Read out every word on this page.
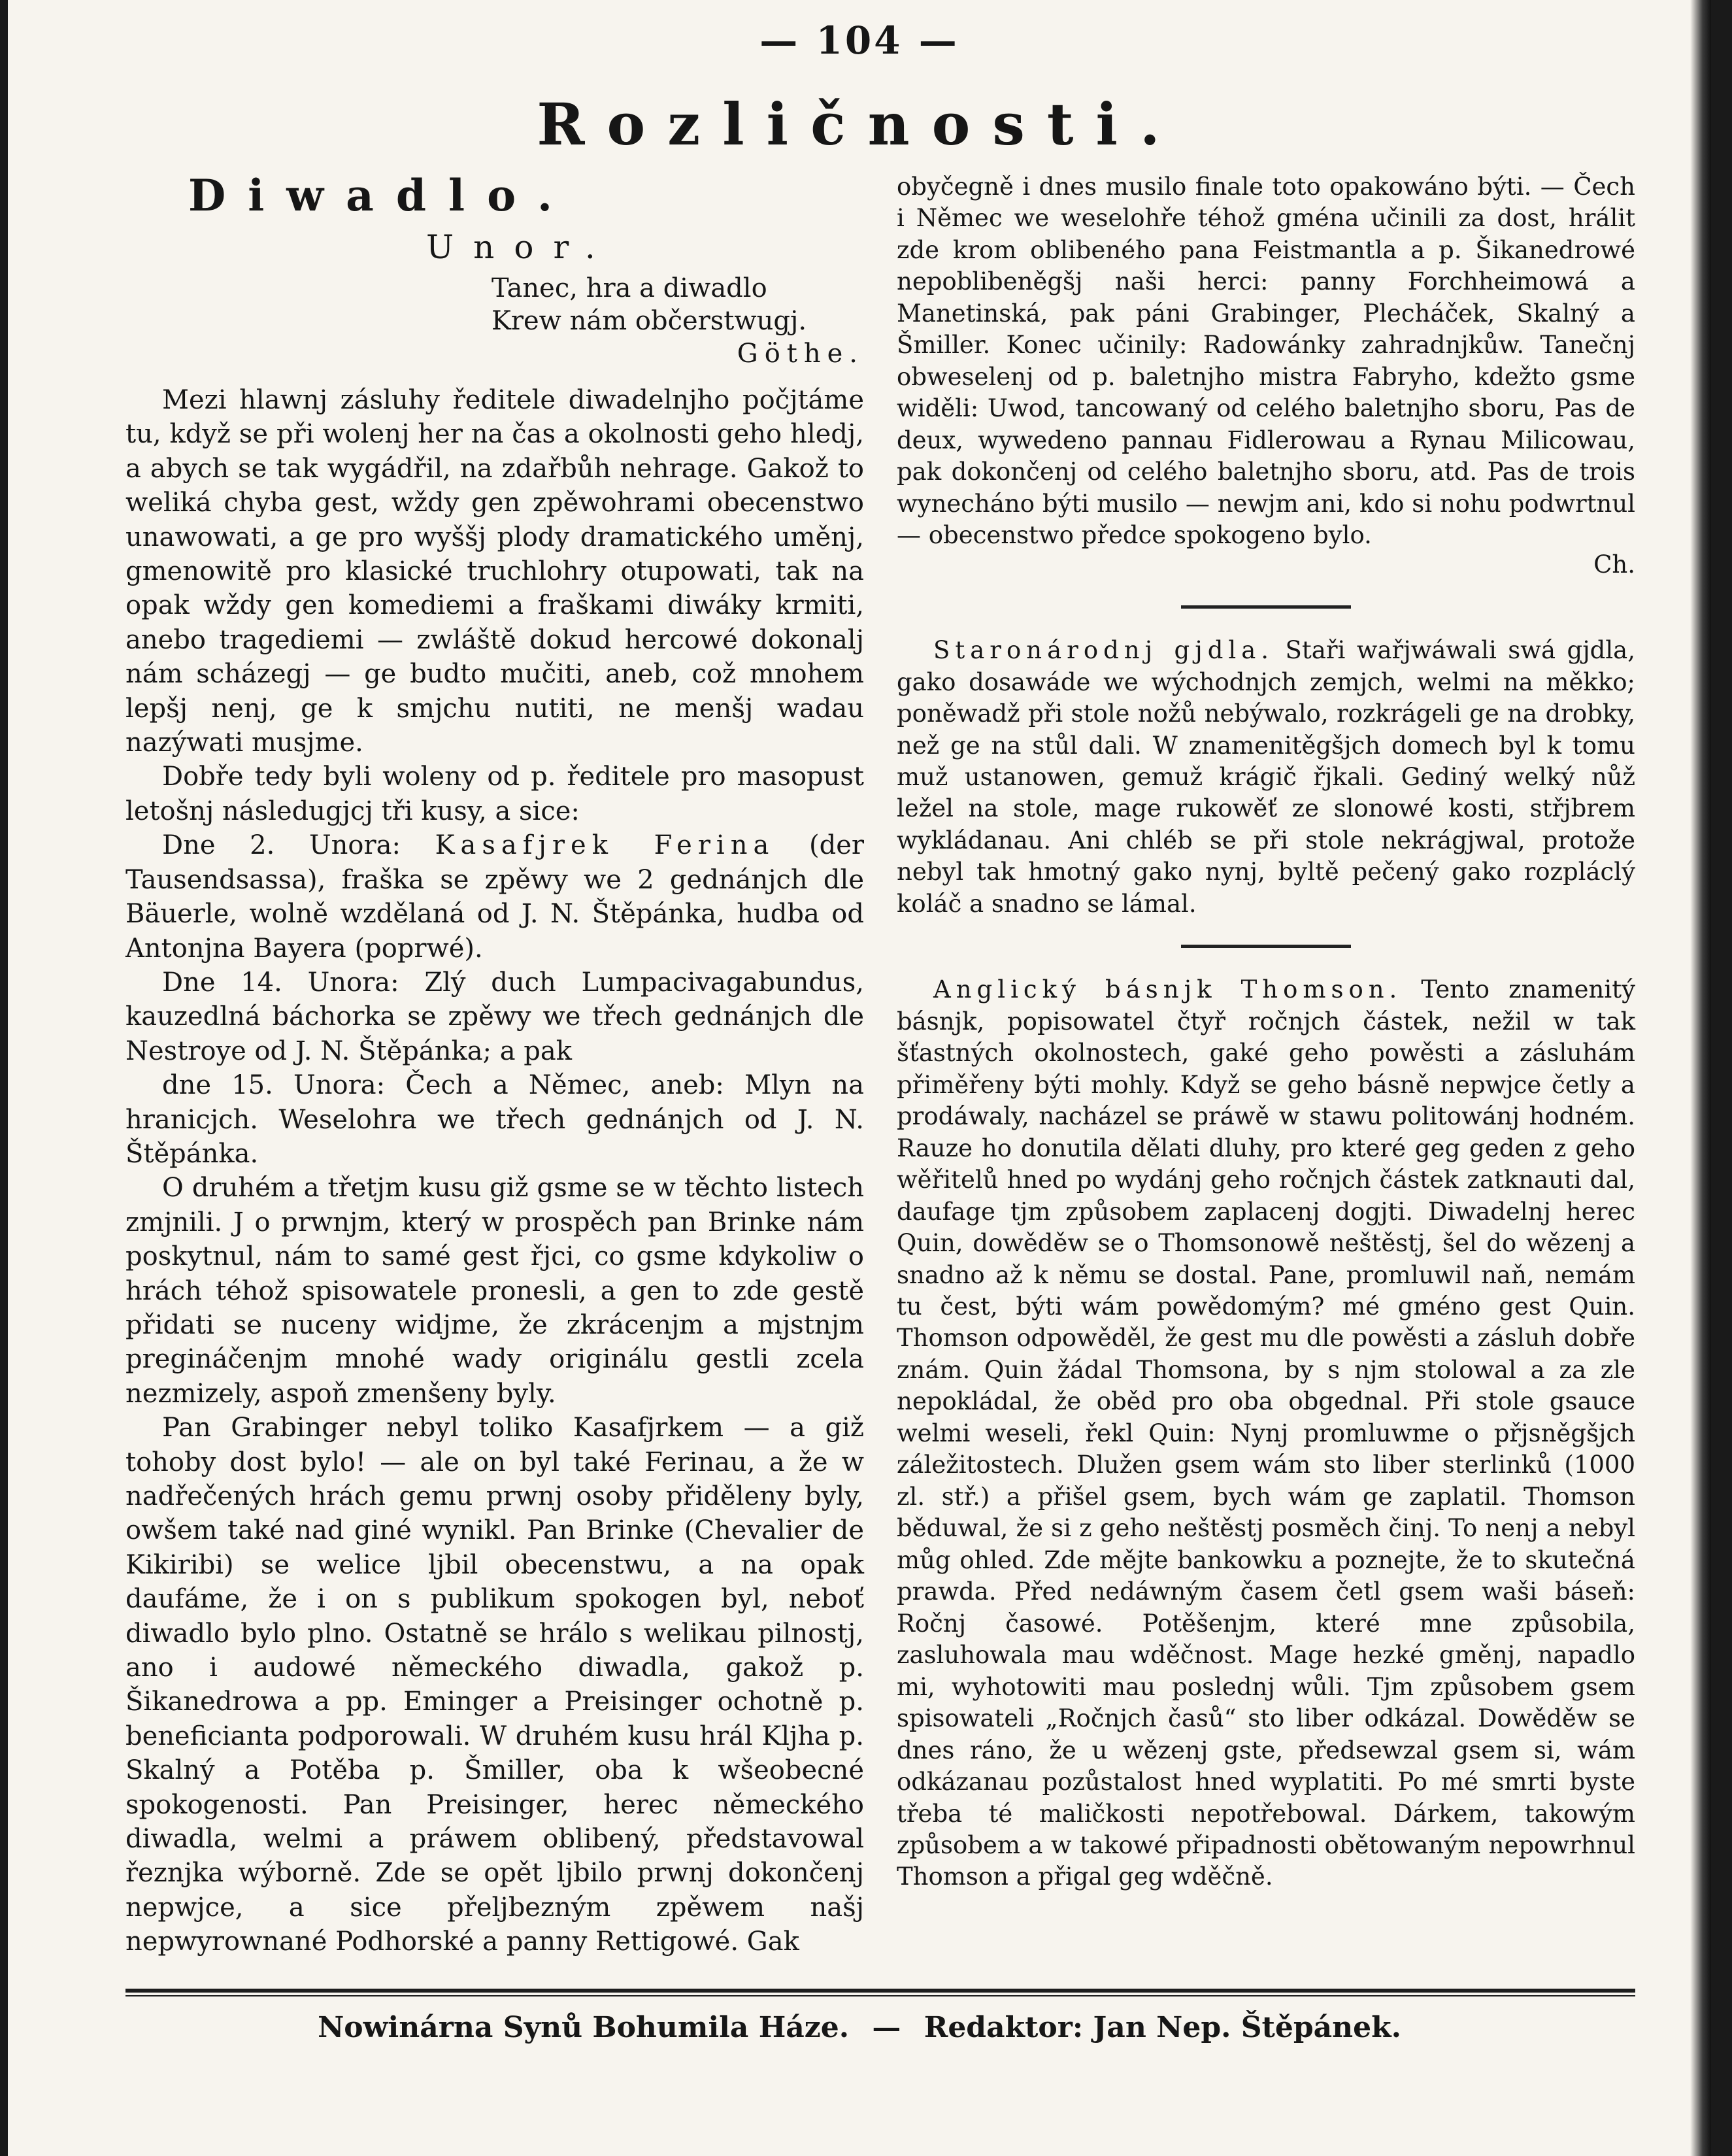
— 104 —
Rozličnosti.

Diwadlo.

Unor.

Tanec, hra a diwadlo

Krew nám občerstwugj.

Göthe.

Mezi hlawnj zásluhy ředitele diwadelnjho počjtáme tu, když se při wolenj her na čas a okolnosti geho hledj, a abych se tak wygádřil, na zdařbůh nehrage. Gakož to weliká chyba gest, wždy gen zpěwohrami obecenstwo unawowati, a ge pro wyššj plody dramatického uměnj, gmenowitě pro klasické truchlohry otupowati, tak na opak wždy gen komediemi a fraškami diwáky krmiti, anebo tragediemi — zwláště dokud hercowé dokonalj nám scházegj — ge budto mučiti, aneb, což mnohem lepšj nenj, ge k smjchu nutiti, ne menšj wadau nazýwati musjme.

Dobře tedy byli woleny od p. ředitele pro masopust letošnj následugjcj tři kusy, a sice:

Dne 2. Unora: Kasafjrek Ferina (der Tausendsassa), fraška se zpěwy we 2 gednánjch dle Bäuerle, wolně wzdělaná od J. N. Štěpánka, hudba od Antonjna Bayera (poprwé).

Dne 14. Unora: Zlý duch Lumpacivagabundus, kauzedlná báchorka se zpěwy we třech gednánjch dle Nestroye od J. N. Štěpánka; a pak

dne 15. Unora: Čech a Němec, aneb: Mlyn na hranicjch. Weselohra we třech gednánjch od J. N. Štěpánka.

O druhém a třetjm kusu giž gsme se w těchto listech zmjnili. J o prwnjm, který w prospěch pan Brinke nám poskytnul, nám to samé gest řjci, co gsme kdykoliw o hrách téhož spisowatele pronesli, a gen to zde gestě přidati se nuceny widjme, že zkrácenjm a mjstnjm pregináčenjm mnohé wady originálu gestli zcela nezmizely, aspoň zmenšeny byly.

Pan Grabinger nebyl toliko Kasafjrkem — a giž tohoby dost bylo! — ale on byl také Ferinau, a že w nadřečených hrách gemu prwnj osoby přiděleny byly, owšem také nad giné wynikl. Pan Brinke (Chevalier de Kikiribi) se welice ljbil obecenstwu, a na opak daufáme, že i on s publikum spokogen byl, neboť diwadlo bylo plno. Ostatně se hrálo s welikau pilnostj, ano i audowé německého diwadla, gakož p. Šikanedrowa a pp. Eminger a Preisinger ochotně p. beneficianta podporowali. W druhém kusu hrál Kljha p. Skalný a Potěba p. Šmiller, oba k wšeobecné spokogenosti. Pan Preisinger, herec německého diwadla, welmi a práwem oblibený, představowal řeznjka wýborně. Zde se opět ljbilo prwnj dokončenj nepwjce, a sice přeljbezným zpěwem našj nepwyrownané Podhorské a panny Rettigowé. Gak

obyčegně i dnes musilo finale toto opakowáno býti. — Čech i Němec we weselohře téhož gména učinili za dost, hrálit zde krom oblibeného pana Feistmantla a p. Šikanedrowé nepoblibeněgšj naši herci: panny Forchheimowá a Manetinská, pak páni Grabinger, Plecháček, Skalný a Šmiller. Konec učinily: Radowánky zahradnjkůw. Tanečnj obweselenj od p. baletnjho mistra Fabryho, kdežto gsme widěli: Uwod, tancowaný od celého baletnjho sboru, Pas de deux, wywedeno pannau Fidlerowau a Rynau Milicowau, pak dokončenj od celého baletnjho sboru, atd. Pas de trois wynecháno býti musilo — newjm ani, kdo si nohu podwrtnul — obecenstwo předce spokogeno bylo.

Ch.

Staronárodnj gjdla. Staři wařjwáwali swá gjdla, gako dosawáde we wýchodnjch zemjch, welmi na měkko; poněwadž při stole nožů nebýwalo, rozkrágeli ge na drobky, než ge na stůl dali. W znamenitěgšjch domech byl k tomu muž ustanowen, gemuž krágič řjkali. Gediný welký nůž ležel na stole, mage rukowěť ze slonowé kosti, střjbrem wykládanau. Ani chléb se při stole nekrágjwal, protože nebyl tak hmotný gako nynj, byltě pečený gako rozpláclý koláč a snadno se lámal.

Anglický básnjk Thomson. Tento znamenitý básnjk, popisowatel čtyř ročnjch částek, nežil w tak šťastných okolnostech, gaké geho powěsti a zásluhám přiměřeny býti mohly. Když se geho básně nepwjce četly a prodáwaly, nacházel se práwě w stawu politowánj hodném. Rauze ho donutila dělati dluhy, pro které geg geden z geho wěřitelů hned po wydánj geho ročnjch částek zatknauti dal, daufage tjm způsobem zaplacenj dogjti. Diwadelnj herec Quin, dowěděw se o Thomsonowě neštěstj, šel do wězenj a snadno až k němu se dostal. Pane, promluwil naň, nemám tu čest, býti wám powědomým? mé gméno gest Quin. Thomson odpowěděl, že gest mu dle powěsti a zásluh dobře znám. Quin žádal Thomsona, by s njm stolowal a za zle nepokládal, že oběd pro oba obgednal. Při stole gsauce welmi weseli, řekl Quin: Nynj promluwme o přjsněgšjch záležitostech. Dlužen gsem wám sto liber sterlinků (1000 zl. stř.) a přišel gsem, bych wám ge zaplatil. Thomson běduwal, že si z geho neštěstj posměch činj. To nenj a nebyl můg ohled. Zde mějte bankowku a poznejte, že to skutečná prawda. Před nedáwným časem četl gsem waši báseň: Ročnj časowé. Potěšenjm, které mne způsobila, zasluhowala mau wděčnost. Mage hezké gměnj, napadlo mi, wyhotowiti mau poslednj wůli. Tjm způsobem gsem spisowateli „Ročnjch časů“ sto liber odkázal. Dowěděw se dnes ráno, že u wězenj gste, předsewzal gsem si, wám odkázanau pozůstalost hned wyplatiti. Po mé smrti byste třeba té maličkosti nepotřebowal. Dárkem, takowým způsobem a w takowé připadnosti obětowaným nepowrhnul Thomson a přigal geg wděčně.

Nowinárna Synů Bohumila Háze. — Redaktor: Jan Nep. Štěpánek.
